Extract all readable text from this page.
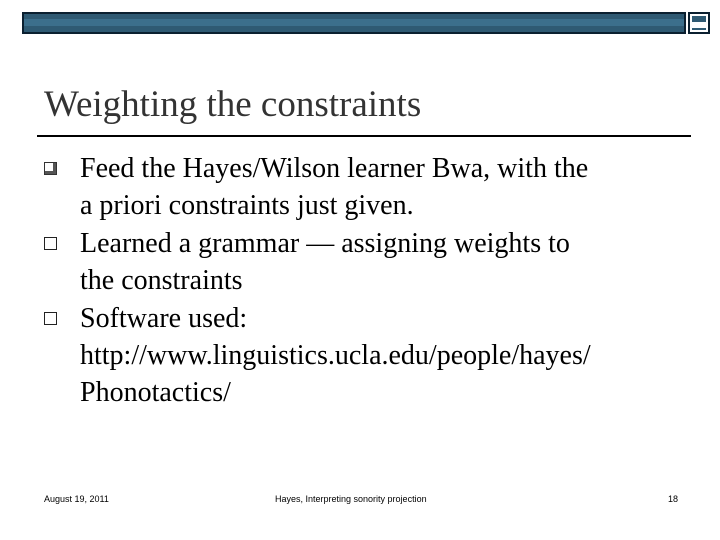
Weighting the constraints
Feed the Hayes/Wilson learner Bwa, with the
a priori constraints just given.
Learned a grammar — assigning weights to
the constraints
Software used:
http://www.linguistics.ucla.edu/people/hayes/
Phonotactics/
August 19, 2011	Hayes, Interpreting sonority projection	18
